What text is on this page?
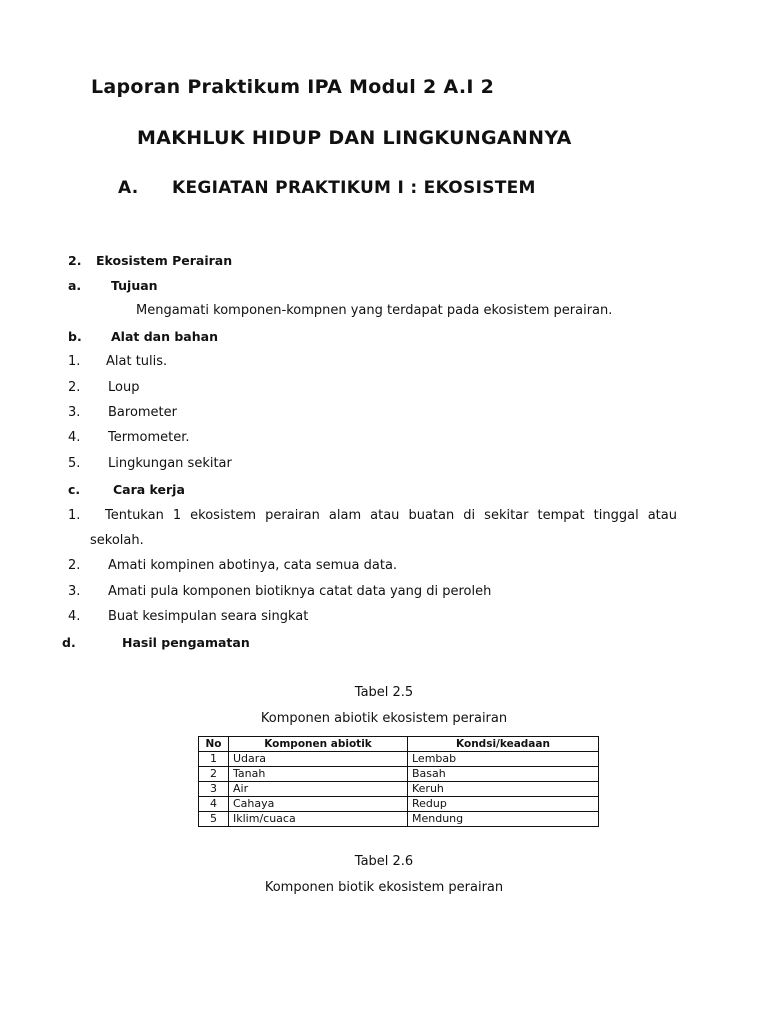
Laporan Praktikum IPA Modul 2 A.I 2
MAKHLUK HIDUP DAN LINGKUNGANNYA
A. KEGIATAN PRAKTIKUM I : EKOSISTEM
2. Ekosistem Perairan
a. Tujuan
Mengamati komponen-kompnen yang terdapat pada ekosistem perairan.
b. Alat dan bahan
1. Alat tulis.
2. Loup
3. Barometer
4. Termometer.
5. Lingkungan sekitar
c.	Cara kerja
1. Tentukan 1 ekosistem perairan alam atau buatan di sekitar tempat tinggal atau
sekolah.
2. Amati kompinen abotinya, cata semua data.
3. Amati pula komponen biotiknya catat data yang di peroleh
4. Buat kesimpulan seara singkat
d.	Hasil pengamatan
Tabel 2.5
Komponen abiotik ekosistem perairan
No	Komponen abiotik	Kondsi/keadaan
1	Udara	Lembab
2	Tanah	Basah
3	Air	Keruh
4	Cahaya	Redup
5	Iklim/cuaca	Mendung
Tabel 2.6
Komponen biotik ekosistem perairan
